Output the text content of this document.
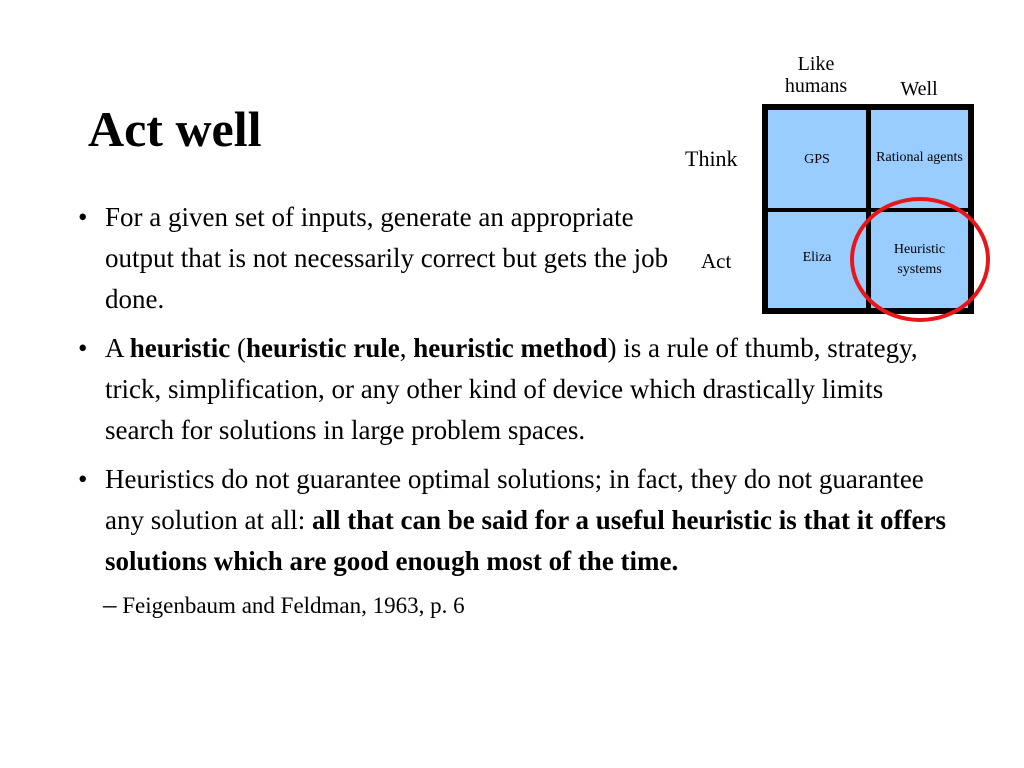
Act well

• For a given set of inputs, generate an appropriate output that is not necessarily correct but gets the job done.

• A heuristic (heuristic rule, heuristic method) is a rule of thumb, strategy, trick, simplification, or any other kind of device which drastically limits search for solutions in large problem spaces.

• Heuristics do not guarantee optimal solutions; in fact, they do not guarantee any solution at all: all that can be said for a useful heuristic is that it offers solutions which are good enough most of the time.

– Feigenbaum and Feldman, 1963, p. 6

Like humans	Well
Think
Act
GPS	Rational agents
Eliza
Heuristic systems
